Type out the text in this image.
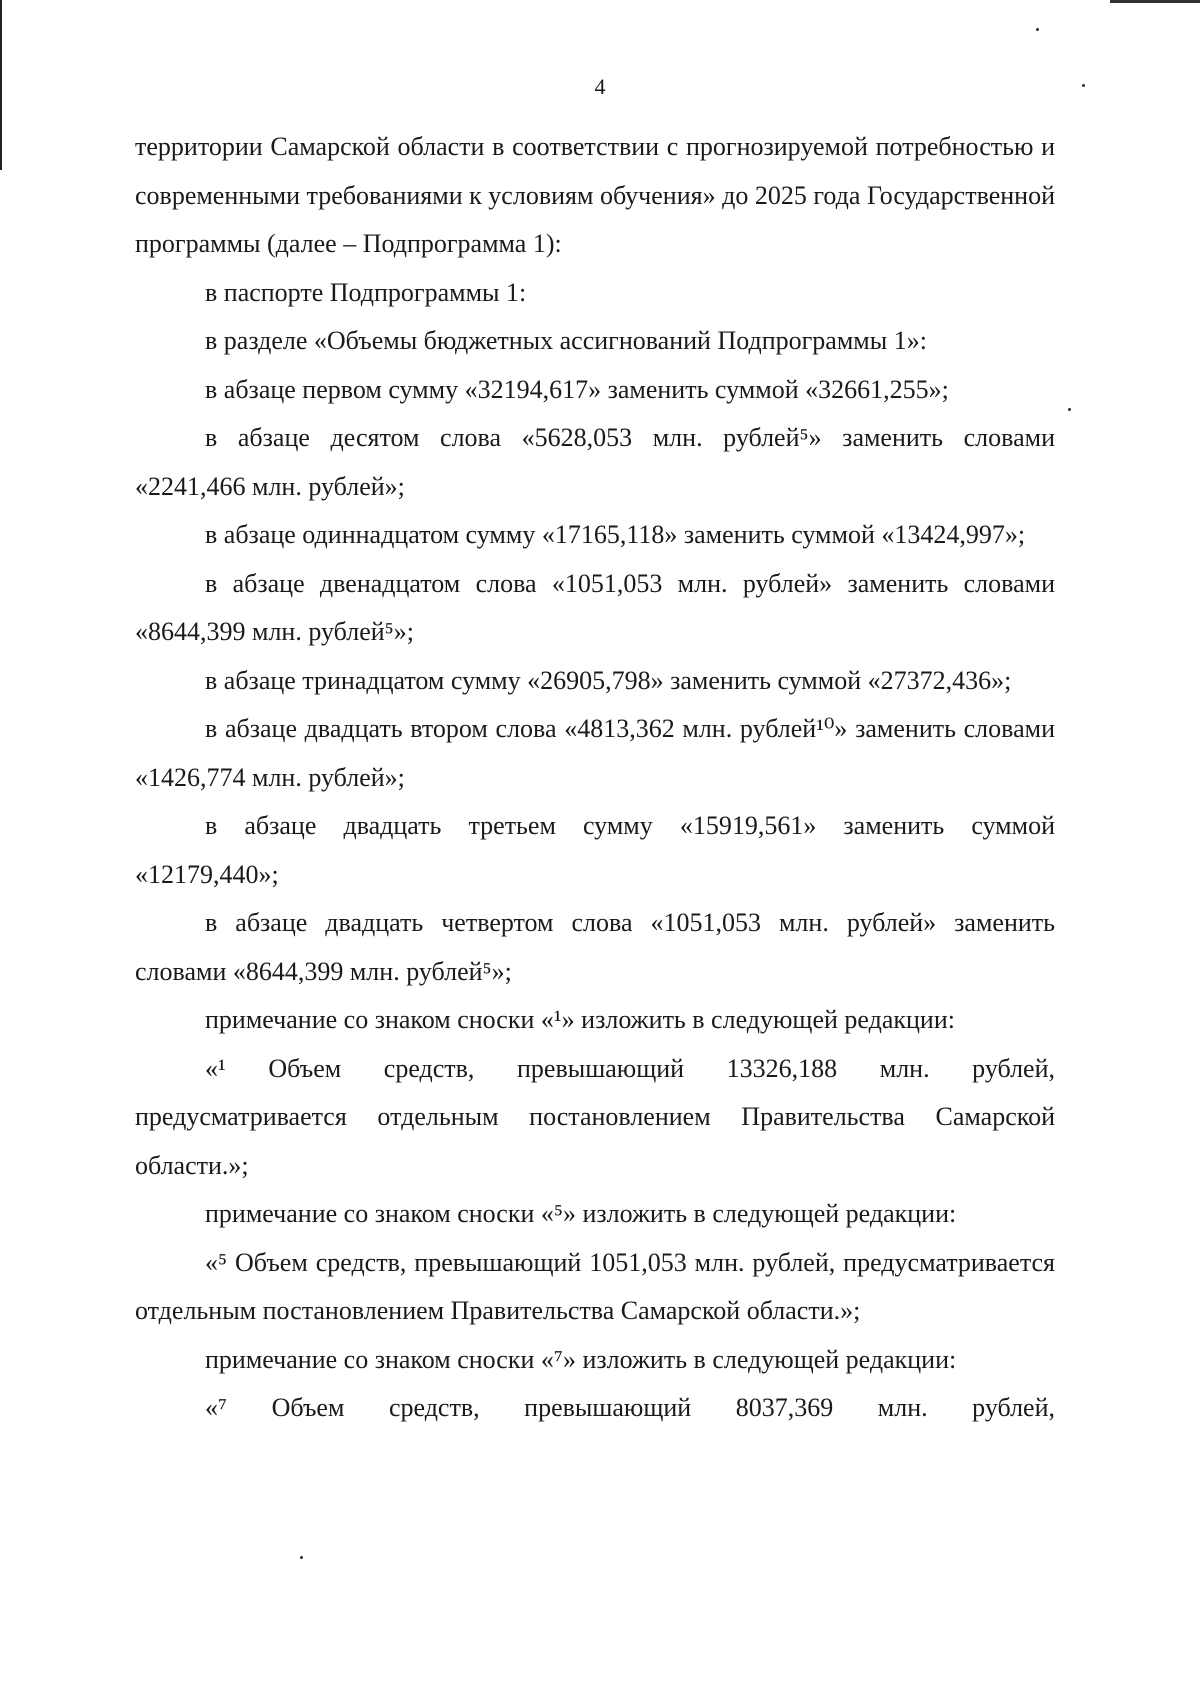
4

территории Самарской области в соответствии с прогнозируемой потребностью и современными требованиями к условиям обучения» до 2025 года Государственной программы (далее – Подпрограмма 1):

в паспорте Подпрограммы 1:

в разделе «Объемы бюджетных ассигнований Подпрограммы 1»:

в абзаце первом сумму «32194,617» заменить суммой «32661,255»;

в абзаце десятом слова «5628,053 млн. рублей⁵» заменить словами «2241,466 млн. рублей»;

в абзаце одиннадцатом сумму «17165,118» заменить суммой «13424,997»;

в абзаце двенадцатом слова «1051,053 млн. рублей» заменить словами «8644,399 млн. рублей⁵»;

в абзаце тринадцатом сумму «26905,798» заменить суммой «27372,436»;

в абзаце двадцать втором слова «4813,362 млн. рублей¹⁰» заменить словами «1426,774 млн. рублей»;

в абзаце двадцать третьем сумму «15919,561» заменить суммой «12179,440»;

в абзаце двадцать четвертом слова «1051,053 млн. рублей» заменить словами «8644,399 млн. рублей⁵»;

примечание со знаком сноски «¹» изложить в следующей редакции:

«¹ Объем средств, превышающий 13326,188 млн. рублей, предусматривается отдельным постановлением Правительства Самарской области.»;

примечание со знаком сноски «⁵» изложить в следующей редакции:

«⁵ Объем средств, превышающий 1051,053 млн. рублей, предусматривается отдельным постановлением Правительства Самарской области.»;

примечание со знаком сноски «⁷» изложить в следующей редакции:

«⁷ Объем средств, превышающий 8037,369 млн. рублей,
